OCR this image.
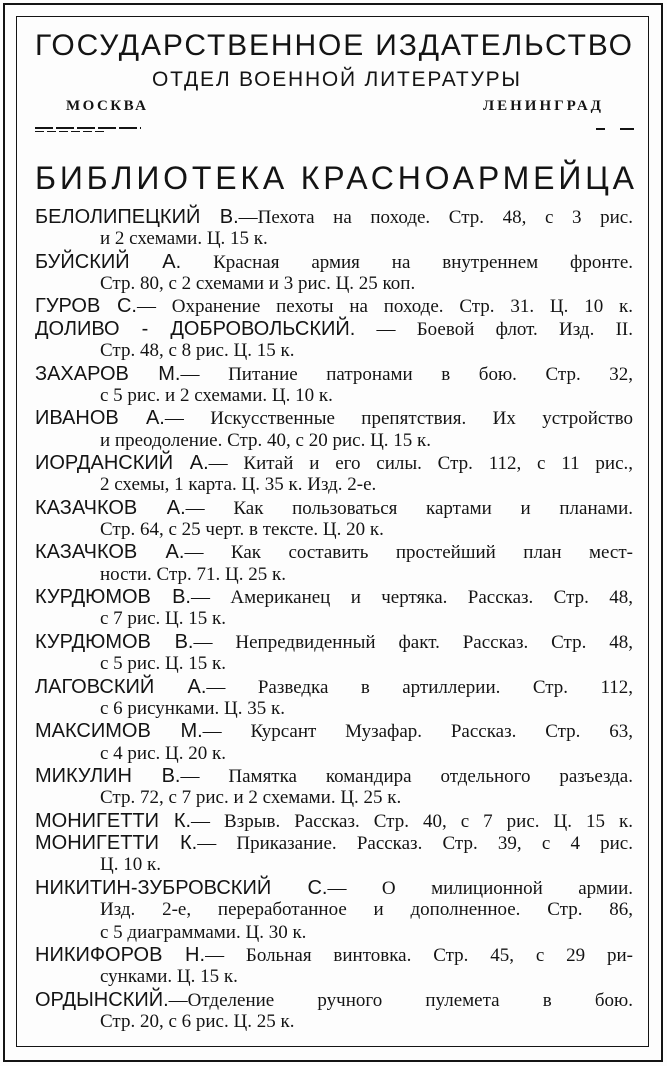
ГОСУДАРСТВЕННОЕ ИЗДАТЕЛЬСТВО
ОТДЕЛ ВОЕННОЙ ЛИТЕРАТУРЫ
МОСКВА	ЛЕНИНГРАД
БИБЛИОТЕКА КРАСНОАРМЕЙЦА
БЕЛОЛИПЕЦКИЙ В.—Пехота на походе. Стр. 48, с 3 рис.
и 2 схемами. Ц. 15 к.
БУЙСКИЙ А. Красная армия на внутреннем фронте.
Стр. 80, с 2 схемами и 3 рис. Ц. 25 коп.
ГУРОВ С.— Охранение пехоты на походе. Стр. 31. Ц. 10 к.
ДОЛИВО - ДОБРОВОЛЬСКИЙ. — Боевой флот. Изд. II.
Стр. 48, с 8 рис. Ц. 15 к.
ЗАХАРОВ М.— Питание патронами в бою. Стр. 32,
с 5 рис. и 2 схемами. Ц. 10 к.
ИВАНОВ А.— Искусственные препятствия. Их устройство
и преодоление. Стр. 40, с 20 рис. Ц. 15 к.
ИОРДАНСКИЙ А.— Китай и его силы. Стр. 112, с 11 рис.,
2 схемы, 1 карта. Ц. 35 к. Изд. 2-е.
КАЗАЧКОВ А.— Как пользоваться картами и планами.
Стр. 64, с 25 черт. в тексте. Ц. 20 к.
КАЗАЧКОВ А.— Как составить простейший план мест-
ности. Стр. 71. Ц. 25 к.
КУРДЮМОВ В.— Американец и чертяка. Рассказ. Стр. 48,
с 7 рис. Ц. 15 к.
КУРДЮМОВ В.— Непредвиденный факт. Рассказ. Стр. 48,
с 5 рис. Ц. 15 к.
ЛАГОВСКИЙ А.— Разведка в артиллерии. Стр. 112,
с 6 рисунками. Ц. 35 к.
МАКСИМОВ М.— Курсант Музафар. Рассказ. Стр. 63,
с 4 рис. Ц. 20 к.
МИКУЛИН В.— Памятка командира отдельного разъезда.
Стр. 72, с 7 рис. и 2 схемами. Ц. 25 к.
МОНИГЕТТИ К.— Взрыв. Рассказ. Стр. 40, с 7 рис. Ц. 15 к.
МОНИГЕТТИ К.— Приказание. Рассказ. Стр. 39, с 4 рис.
Ц. 10 к.
НИКИТИН-ЗУБРОВСКИЙ С.— О милиционной армии.
Изд. 2-е, переработанное и дополненное. Стр. 86,
с 5 диаграммами. Ц. 30 к.
НИКИФОРОВ Н.— Больная винтовка. Стр. 45, с 29 ри-
сунками. Ц. 15 к.
ОРДЫНСКИЙ.—Отделение ручного пулемета в бою.
Стр. 20, с 6 рис. Ц. 25 к.
